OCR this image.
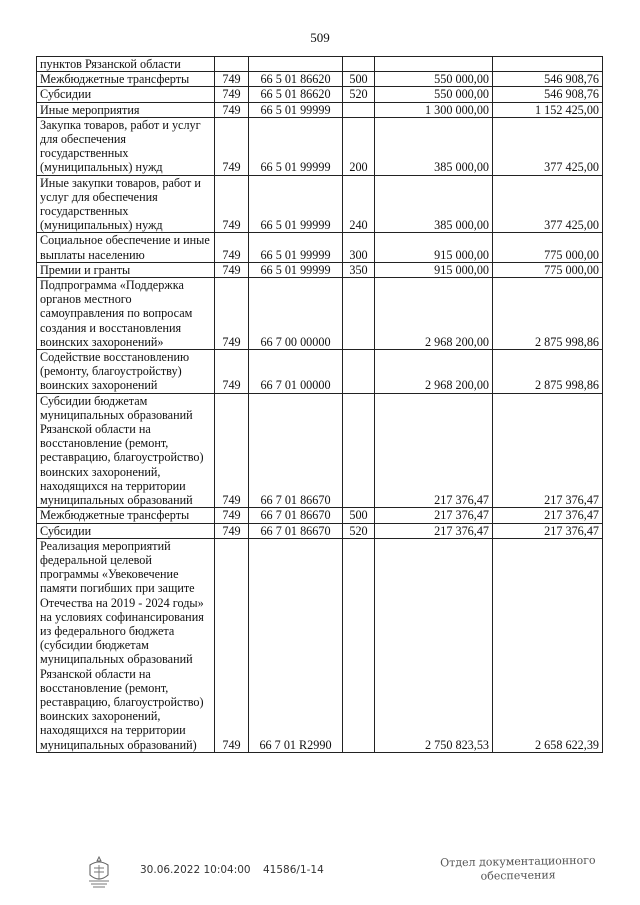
509
пунктов Рязанской области					
Межбюджетные трансферты	749	66 5 01 86620	500	550 000,00	546 908,76
Субсидии	749	66 5 01 86620	520	550 000,00	546 908,76
Иные мероприятия	749	66 5 01 99999		1 300 000,00	1 152 425,00
Закупка товаров, работ и услуг для обеспечения государственных (муниципальных) нужд	749	66 5 01 99999	200	385 000,00	377 425,00
Иные закупки товаров, работ и услуг для обеспечения государственных (муниципальных) нужд	749	66 5 01 99999	240	385 000,00	377 425,00
Социальное обеспечение и иные выплаты населению	749	66 5 01 99999	300	915 000,00	775 000,00
Премии и гранты	749	66 5 01 99999	350	915 000,00	775 000,00
Подпрограмма «Поддержка органов местного самоуправления по вопросам создания и восстановления воинских захоронений»	749	66 7 00 00000		2 968 200,00	2 875 998,86
Содействие восстановлению (ремонту, благоустройству) воинских захоронений	749	66 7 01 00000		2 968 200,00	2 875 998,86
Субсидии бюджетам муниципальных образований Рязанской области на восстановление (ремонт, реставрацию, благоустройство) воинских захоронений, находящихся на территории муниципальных образований	749	66 7 01 86670		217 376,47	217 376,47
Межбюджетные трансферты	749	66 7 01 86670	500	217 376,47	217 376,47
Субсидии	749	66 7 01 86670	520	217 376,47	217 376,47
Реализация мероприятий федеральной целевой программы «Увековечение памяти погибших при защите Отечества на 2019 - 2024 годы» на условиях софинансирования из федерального бюджета (субсидии бюджетам муниципальных образований Рязанской области на восстановление (ремонт, реставрацию, благоустройство) воинских захоронений, находящихся на территории муниципальных образований)	749	66 7 01 R2990		2 750 823,53	2 658 622,39
30.06.2022 10:04:00 41586/1-14
Отдел документационного
обеспечения
